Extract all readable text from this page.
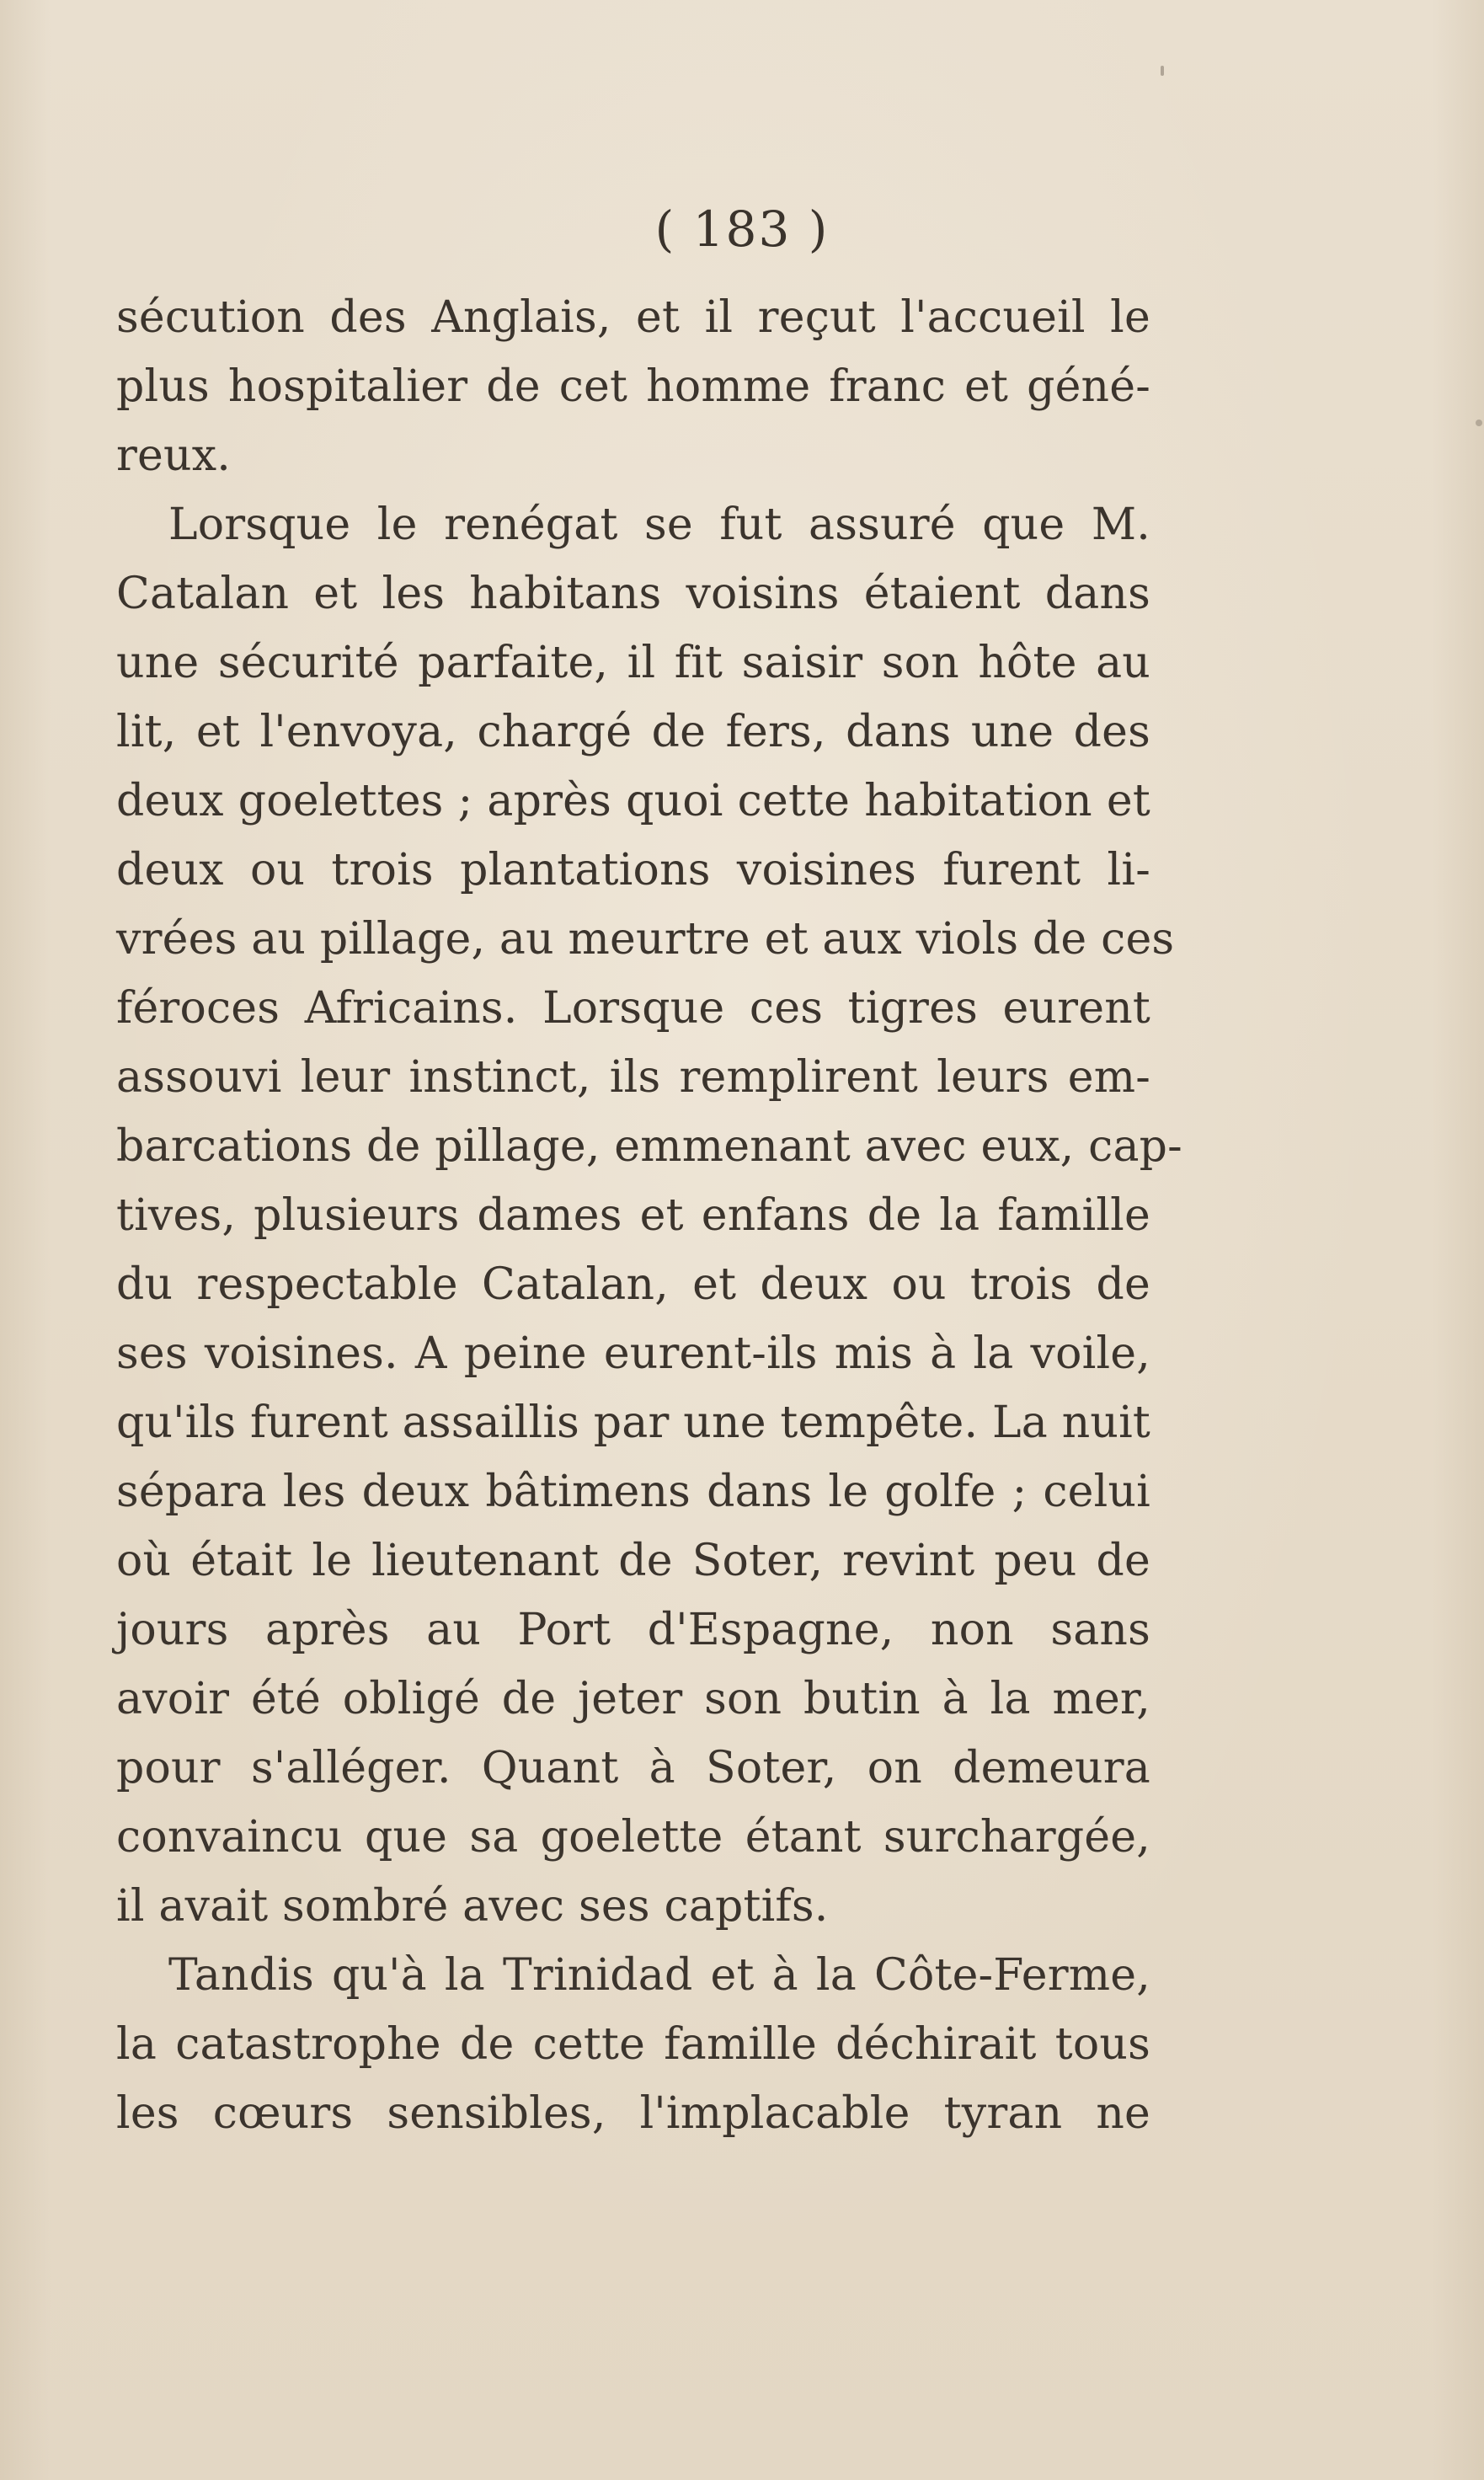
( 183 )
sécution des Anglais, et il reçut l'accueil le
plus hospitalier de cet homme franc et géné-
reux.
Lorsque le renégat se fut assuré que M.
Catalan et les habitans voisins étaient dans
une sécurité parfaite, il fit saisir son hôte au
lit, et l'envoya, chargé de fers, dans une des
deux goelettes ; après quoi cette habitation et
deux ou trois plantations voisines furent li-
vrées au pillage, au meurtre et aux viols de ces
féroces Africains. Lorsque ces tigres eurent
assouvi leur instinct, ils remplirent leurs em-
barcations de pillage, emmenant avec eux, cap-
tives, plusieurs dames et enfans de la famille
du respectable Catalan, et deux ou trois de
ses voisines. A peine eurent-ils mis à la voile,
qu'ils furent assaillis par une tempête. La nuit
sépara les deux bâtimens dans le golfe ; celui
où était le lieutenant de Soter, revint peu de
jours après au Port d'Espagne, non sans
avoir été obligé de jeter son butin à la mer,
pour s'alléger. Quant à Soter, on demeura
convaincu que sa goelette étant surchargée,
il avait sombré avec ses captifs.
Tandis qu'à la Trinidad et à la Côte-Ferme,
la catastrophe de cette famille déchirait tous
les cœurs sensibles, l'implacable tyran ne
